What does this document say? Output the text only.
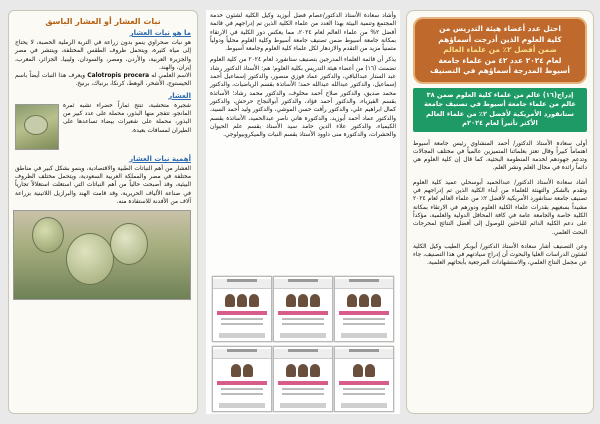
احتل عدد أعضاء هيئة التدريس من
كلية العلوم الذين أدرجت أسماؤهم
ضمن أفضل ٢٪ من علماء العالم
لعام ٢٠٢٤ عدد ٤٢ من علماء جامعة
أسيوط المدرجة أسماؤهم في التصنيف
إدراج(١٦) عالم من علماء كلية العلوم ضمن ٣٨
عالم من علماء جامعة أسيوط في تصنيف جامعة
ستانفورد الأمريكية لأفضل ٢٪ من علماء العالم
الأكثر تأثيراً لعام ٢٠٢٤م

أولى سعادة الأستاذ الدكتور/ أحمد المنشاوي رئيس جامعة أسيوط اهتماماً كبيراً وقال تعتز بعلمائنا المتميزين عالمياً في مختلف المجالات وتدعم جهودهم لخدمة المنظومة البحثية، كما قال إن كلية العلوم هي دائماً رائدة في مجال العلم ونشر العلم.

أشاد سعادة الأستاذ الدكتور/ عبدالحميد أبوسحلي عميد كلية العلوم وتقدم بالشكر والتهنئة للعلماء من أبناء الكلية الذين تم إدراجهم في تصنيف جامعة ستانفورد الأمريكية لأفضل ٢٪ من علماء العالم لعام ٢٠٢٤ مشيداً بسعيهم بقدرات علماء الكلية العلوم ودورهم في الارتقاء بمكانة الكلية خاصة والجامعة عامة في كافة المحافل الدولية والعلمية، مؤكداً على دعم الكلية الدائم للباحثين للوصول إلى أفضل النتائج لمخرجات البحث العلمي.

وعن التصنيف أشار سعادة الأستاذ الدكتور/ أبوبكر الطيب وكيل الكلية لشئون الدراسات العليا والبحوث أن إدراج سيادتهم في هذا التصنيف، جاء عن مجمل النتاج العلمي، والاستشهادات المرجعية بأبحاثهم العلمية.

وأشاد سعادة الأستاذ الدكتور/عصام فضل أبوزيد وكيل الكلية لشئون خدمة المجتمع وتنمية البيئة بهذا العدد من علماء الكلية الذين تم إدراجهم في قائمة أفضل ٢% من علماء العالم لعام ٢٠٢٤، مما يعكس دور الكلية في الارتقاء بمكانة جامعة أسيوط ضمن تصنيف جامعة أسيوط وكلية العلوم محلياً ودولياً متمنياً مزيد من التقدم والازدهار لكل علماء كلية العلوم وجامعة أسيوط.

يذكر أن قائمة العلماء المدرجين بتصنيف ستانفورد لعام ٢٠٢٤ من كلية العلوم تضمنت (١٦) من أعضاء هيئة التدريس بكلية العلوم؛ هم: الأستاذ الدكتور رشاد عبد الستار عبدالباقي، والدكتور عماد فوزي منصور، والدكتور إسماعيل أحمد إسماعيل، والدكتور عبدالله عبدالله حمد؛ الأساتذة بقسم الرياضيات، والدكتور محمد صديق، والدكتور صلاح أحمد مخلوف، والدكتور محمد رشاد؛ الأساتذة بقسم الفيزياء، والدكتور أحمد فؤاد، والدكتور أبوالنجاح حرحش، والدكتور كمال ابراهيم علي، والدكتور رأفت حسن الموشي، والدكتور وليد أحمد السيد، والدكتور عماد أحمد أبوزيد، والدكتورة هاني ناصر عبدالحميد، الأساتذة بقسم الكيمياء، والدكتور علاء الدين حامد سيد الأستاذ بقسم علم الحيوان والحشرات، والدكتورة منى داوود الأستاذ بقسم النبات والميكروبيولوجي.

نبات العشار أو العشار الباسق
ما هو نبات العشار

هو نبات صحراوي ينمو بدون زراعة في التربة الرملية الخصبة، لا يحتاج إلى مياه كثيرة، ويتحمل ظروف الطقس المختلفة، وينتشر في مصر والجزيرة العربية، والأردن، ومصر، والسودان، وليبيا، الجزائر، المغرب، إيران، والهند.

الاسم العلمي له Calotropis procera ويعرف هذا النبات أيضاً باسم الخيستوج، الأشخر، الوهط، كرنكا، برنباك، برنيخ.

العشار

شجيرة متخشبة، تنتج ثماراً خضراء تشبه ثمرة المانجو، تتفجر منها البذور، محملة على عدد كبير من البذور، محملة على شعيرات بيضاء تساعدها على الطيران لمسافات بعيدة.

أهمية نبات العشار

العشار من أهم النباتات الطبية والاقتصادية، وينمو بشكل كبير في مناطق مختلفة في مصر والمملكة العربية السعودية، ويتحمل مختلف الظروف البيئية، وقد أصبحت حالياً من أهم النباتات التي استغلت استغلالاً تجارياً في صناعة الألياف الحريرية، وقد قامت الهند والبرازيل اللاتينية بزراعة آلاف من الأفدنة للاستفادة منه.
